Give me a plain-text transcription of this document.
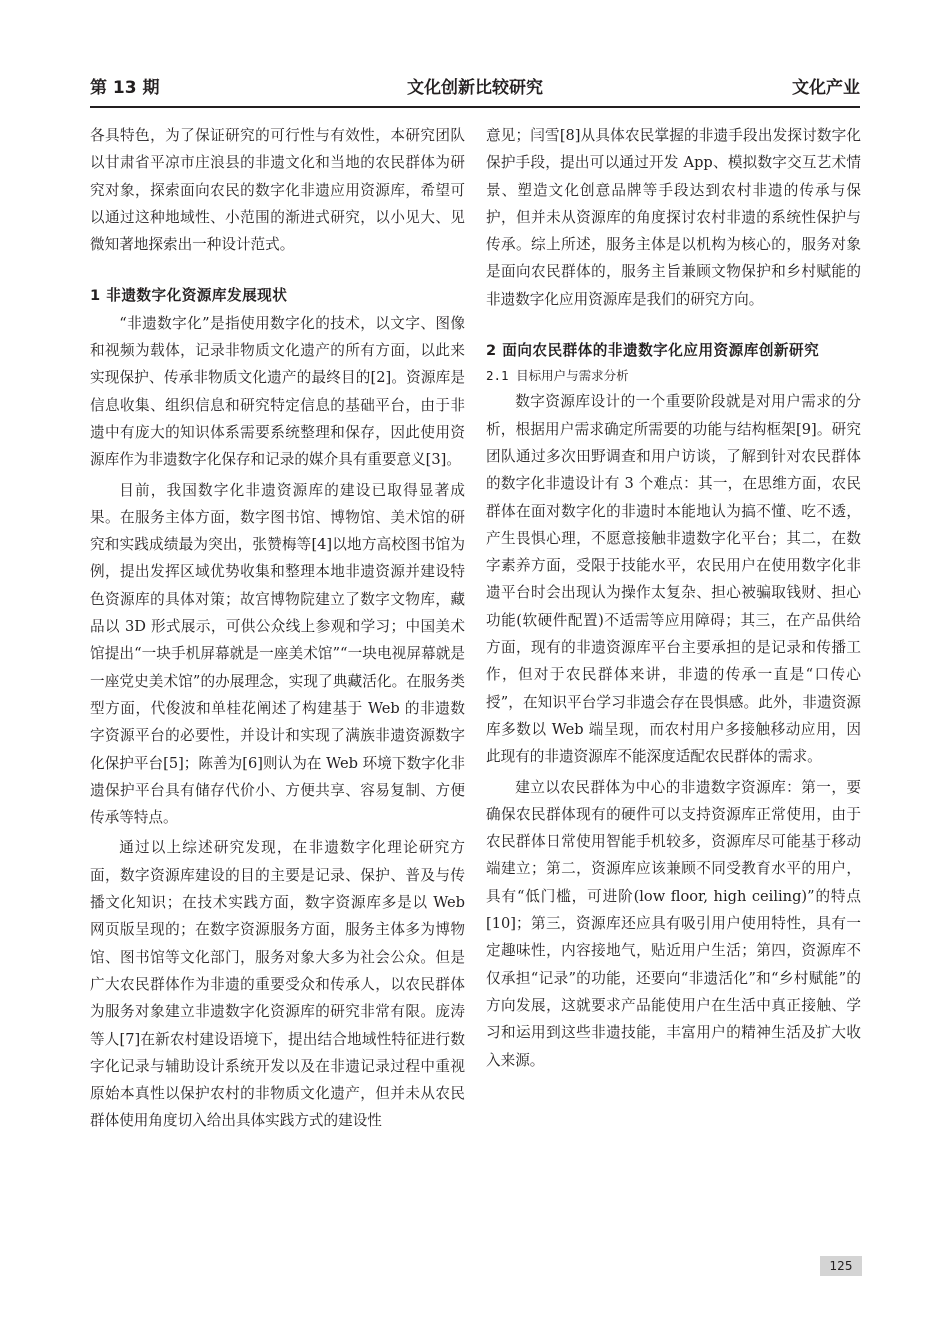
第 13 期	文化创新比较研究	文化产业

各具特色，为了保证研究的可行性与有效性，本研究团队以甘肃省平凉市庄浪县的非遗文化和当地的农民群体为研究对象，探索面向农民的数字化非遗应用资源库，希望可以通过这种地域性、小范围的渐进式研究，以小见大、见微知著地探索出一种设计范式。

1 非遗数字化资源库发展现状

“非遗数字化”是指使用数字化的技术，以文字、图像和视频为载体，记录非物质文化遗产的所有方面，以此来实现保护、传承非物质文化遗产的最终目的[2]。资源库是信息收集、组织信息和研究特定信息的基础平台，由于非遗中有庞大的知识体系需要系统整理和保存，因此使用资源库作为非遗数字化保存和记录的媒介具有重要意义[3]。

目前，我国数字化非遗资源库的建设已取得显著成果。在服务主体方面，数字图书馆、博物馆、美术馆的研究和实践成绩最为突出，张赞梅等[4]以地方高校图书馆为例，提出发挥区域优势收集和整理本地非遗资源并建设特色资源库的具体对策；故宫博物院建立了数字文物库，藏品以 3D 形式展示，可供公众线上参观和学习；中国美术馆提出“一块手机屏幕就是一座美术馆”“一块电视屏幕就是一座党史美术馆”的办展理念，实现了典藏活化。在服务类型方面，代俊波和单桂花阐述了构建基于 Web 的非遗数字资源平台的必要性，并设计和实现了满族非遗资源数字化保护平台[5]；陈善为[6]则认为在 Web 环境下数字化非遗保护平台具有储存代价小、方便共享、容易复制、方便传承等特点。

通过以上综述研究发现，在非遗数字化理论研究方面，数字资源库建设的目的主要是记录、保护、普及与传播文化知识；在技术实践方面，数字资源库多是以 Web 网页版呈现的；在数字资源服务方面，服务主体多为博物馆、图书馆等文化部门，服务对象大多为社会公众。但是广大农民群体作为非遗的重要受众和传承人，以农民群体为服务对象建立非遗数字化资源库的研究非常有限。庞涛等人[7]在新农村建设语境下，提出结合地域性特征进行数字化记录与辅助设计系统开发以及在非遗记录过程中重视原始本真性以保护农村的非物质文化遗产，但并未从农民群体使用角度切入给出具体实践方式的建设性

意见；闫雪[8]从具体农民掌握的非遗手段出发探讨数字化保护手段，提出可以通过开发 App、模拟数字交互艺术情景、塑造文化创意品牌等手段达到农村非遗的传承与保护，但并未从资源库的角度探讨农村非遗的系统性保护与传承。综上所述，服务主体是以机构为核心的，服务对象是面向农民群体的，服务主旨兼顾文物保护和乡村赋能的非遗数字化应用资源库是我们的研究方向。

2 面向农民群体的非遗数字化应用资源库创新研究

2.1 目标用户与需求分析

数字资源库设计的一个重要阶段就是对用户需求的分析，根据用户需求确定所需要的功能与结构框架[9]。研究团队通过多次田野调查和用户访谈，了解到针对农民群体的数字化非遗设计有 3 个难点：其一，在思维方面，农民群体在面对数字化的非遗时本能地认为搞不懂、吃不透，产生畏惧心理，不愿意接触非遗数字化平台；其二，在数字素养方面，受限于技能水平，农民用户在使用数字化非遗平台时会出现认为操作太复杂、担心被骗取钱财、担心功能(软硬件配置)不适需等应用障碍；其三，在产品供给方面，现有的非遗资源库平台主要承担的是记录和传播工作，但对于农民群体来讲，非遗的传承一直是“口传心授”，在知识平台学习非遗会存在畏惧感。此外，非遗资源库多数以 Web 端呈现，而农村用户多接触移动应用，因此现有的非遗资源库不能深度适配农民群体的需求。

建立以农民群体为中心的非遗数字资源库：第一，要确保农民群体现有的硬件可以支持资源库正常使用，由于农民群体日常使用智能手机较多，资源库尽可能基于移动端建立；第二，资源库应该兼顾不同受教育水平的用户，具有“低门槛，可进阶(low floor, high ceiling)”的特点[10]；第三，资源库还应具有吸引用户使用特性，具有一定趣味性，内容接地气，贴近用户生活；第四，资源库不仅承担“记录”的功能，还要向“非遗活化”和“乡村赋能”的方向发展，这就要求产品能使用户在生活中真正接触、学习和运用到这些非遗技能，丰富用户的精神生活及扩大收入来源。

125
